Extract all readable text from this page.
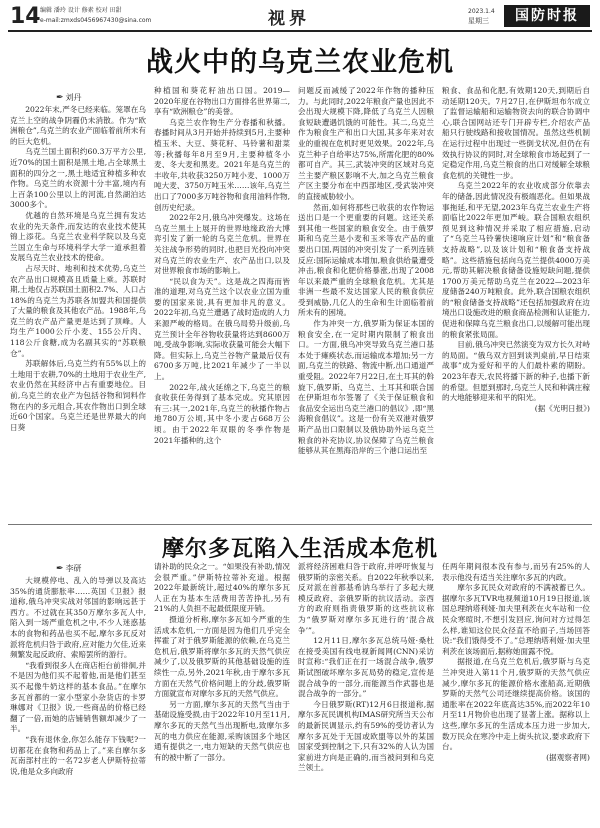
14 编辑 潘玲 设计 修素 校对 田甜
e-mail:zmxds0456967430@sina.com	视界	2023.1.4
星期三	国防时报
战火中的乌克兰农业危机
✒ 刘丹

2022年末,严冬已经来临。笼罩在乌克兰上空的战争阴霾仍未消散。作为“欧洲粮仓”,乌克兰的农业产面临着前所未有的巨大危机。

乌克兰国土面积约60.3万平方公里,近70%的国土面积是黑土地,占全球黑土面积的四分之一,黑土地适宜种植多种农作物。乌克兰的水资源十分丰富,境内有上百条100公里以上的河流,自然湖泊达3000多个。

优越的自然环境是乌克兰拥有发达农业的先天条件,而发达的农业技术使其锦上添花。乌克兰农业科学院以及乌克兰国立生命与环境科学大学一道承担着发展乌克兰农业技术的使命。

占尽天时、地利和技术优势,乌克兰农产品出口规模高且质量上乘。苏联时期,土地仅占苏联国土面积2.7%、人口占18%的乌克兰为苏联各加盟共和国提供了大量的粮食及其他农产品。1988年,乌克兰的农产品产量更是达到了顶峰。人均生产1000公斤小麦、155公斤肉、118公斤食糖,成为名副其实的“苏联粮仓”。

苏联解体后,乌克兰约有55%以上的土地用于农耕,70%的土地用于农业生产,农业仍然在其经济中占有重要地位。目前,乌克兰的农业产为包括谷物和饲料作物在内的多元组合,其农作物出口到全球近60个国家。乌克兰还是世界最大的向日葵

种植国和葵花籽油出口国。2019—2020年度在谷物出口方面排名世界第二,享有“欧洲粮仓”的美誉。

乌克兰农作物生产分春播和秋播。春播时间从3月开始并持续到5月,主要种植玉米、大豆、葵花籽、马铃薯和甜菜等;秋播每年8月至9月,主要种植冬小麦、冬大麦和黑麦。2021年是乌克兰的丰收年,共收获3250万吨小麦、1000万吨大麦、3750万吨玉米……该年,乌克兰出口了7000多万吨谷物和食用油料作物,创历史纪录。

2022年2月,俄乌冲突爆发。这场在乌克兰黑土上展开的世界地缘政治大博弈引发了新一轮的乌克兰危机。世界在关注战争形势的同时,也把目光投向冲突对乌克兰的农业生产、农产品出口,以及对世界粮食市场的影响上。

“民以食为天”。这是战之四海而皆准的道理,对乌克兰这个以农业立国为重要的国家来说,具有更加非凡的意义。2022年初,乌克兰遭遇了战时造成的人力来源严峻的格局。在俄乌局势升级前,乌克兰预计全年谷物收获量将达到8600万吨,受战争影响,实际收获量可能会大幅下降。但实际上,乌克兰谷物产量最后仅有6700多万吨,比2021年减少了一半以上。

2022年,战火延绵之下,乌克兰的粮食收获任务得到了基本完成。究其原因有三:其一,2021年,乌克兰的秋播作物占地780万公顷,其中冬小麦占668万公顷。由于2022年双眼的冬季作物是2021年播种的,这个

问题反而减缓了2022年作物的播种压力。与此同时,2022年粮食产量也因此不会出现大规模下降,降低了乌克兰人因粮食短缺遭遇饥饿的可能性。其二,乌克兰作为粮食生产和出口大国,其多年来对农业的重视在危机时更见效果。2022年,乌克兰种子自给率达75%,所需化肥的80%都可自产。其三,武装冲突的区域对乌克兰主要产粮区影响不大,加之乌克兰粮食产区主要分布在中西部地区,受武装冲突的直接威胁较小。

然而,如何将那些已收获的农作物运送出口是一个更重要的问题。这还关系到其他一些国家的粮食安全。由于俄罗斯和乌克兰是小麦和玉米等农产品的重要出口国,两国的冲突引发了一系列连锁反应:国际运输成本增加,粮食供给量遭受冲击,粮食和化肥价格暴涨,出现了2008年以来最严重的全球粮食危机。尤其是非洲一些最不发达国家人民的粮食供应受到威胁,几亿人的生命和生计面临着前所未有的困境。

作为冲突一方,俄罗斯为保证本国的粮食安全,在一定时期内限制了粮食出口。一方面,俄乌冲突导致乌克兰港口基本处于瘫痪状态,而运输成本增加;另一方面,乌克兰的铁路、物流中断,出口通道严重受阻。2022年7月22日,在土耳其的斡旋下,俄罗斯、乌克兰、土耳其和联合国在伊斯坦布尔签署了《关于保证粮食和食品安全运出乌克兰港口的倡议》,即“黑海粮食倡议”。这是一份有关双港对俄罗斯产品出口限制以及俄协助外运乌克兰粮食的补充协议,协议保障了乌克兰粮食能够从其在黑海沿岸的三个港口运出至

粮食、食品和化肥,有效期120天,到期后自动延期120天。7月27日,在伊斯坦布尔成立了监督运输船和运输物资去向的联合协调中心,联合国网站还专门开辟专栏,介绍农产品船只行驶线路和接收国情况。虽然这些机制在运行过程中出现过一些倒戈状况,但仍在有效执行协议的同时,对全球粮食市场起到了一定稳定作用,乌克兰粮食的出口对缓解全球粮食危机的关键性一步。

乌克兰2022年的农业收成部分依靠去年的储备,因此情况没有极端恶化。但如果战事拖延,和平无望,2023年乌克兰农业生产将面临比2022年更加严峻。联合国粮农组织预见到这种情况并采取了相应措施,启动了“乌克兰马铃薯快速响应计划”和“粮食备支持战略”,以及该计划和“粮食备支持战略”。这些措施包括向乌克兰提供4000万美元,帮助其解决粮食储备设施短缺问题,提供1700万美元帮助乌克兰在2022—2023年度储备240万吨粮食。此外,联合国粮农组织的“粮食储备支持战略”还包括加强政府在边境出口设施改进的粮食商品检测和认证能力,促进和保障乌克兰粮食出口,以缓解可能出现的粮食紧张局面。

目前,俄乌冲突已然演变为双方长久对峙的局面。“俄乌双方回到谈判桌前,早日结束战事”成为爱好和平的人们最朴素的期盼。2023年春天,农民将播下新的种子,也播下新的希望。但愿到那时,乌克兰人民和种满庄稼的大地能够迎来和平的阳光。

(据《光明日报》)

摩尔多瓦陷入生活成本危机
✒ 李研

大规模停电、乱入的导弹以及高达35%的通货膨胀率……英国《卫报》报道称,俄乌冲突实战对邻国的影响远甚于西方。不过就在其350万摩尔多瓦人中,陷入到一场严重危机之中,不少人迷惑基本的食物和药品也买不起,摩尔多瓦反对派将危机归咎于政府,应对能力欠佳,近来频繁发起反政府、索赔罢所的游行。

“我看到很多人在商店柜台前徘徊,并不是因为他们买不起着他,而是他们甚至买不起像牛奶这样的基本食品。”在摩尔多瓦首都的一家小型家小杂货店的卡罗琳娜对《卫报》说,一些商品的价格已经翻了一倍,而她的店铺销售额却减少了一半。

“我有退休金,你怎么能存下钱呢?一切都花在食物和药品上了。”来自摩尔多瓦南部村庄的一名72岁老人伊斯特拉蒂说,他是众多向政府

请补助的民众之一。“如果没有补助,情况会很严重。”伊斯特拉蒂补充道。根据2022年最新统计,超过40%的摩尔多瓦人正在为基本生活费用苦苦挣扎,另有21%的人负担不起最低限度开销。

摄道分析称,摩尔多瓦如今严重的生活成本危机,一方面是因为他们几乎完全挥霍了对于俄罗斯能源的依赖,在乌克兰危机后,俄罗斯将摩尔多瓦的天然气供应减少了,以及俄罗斯的其他基础设施的连续性一点,另外,2021年秋,由于摩尔多瓦方面在天然气价格问题上的分歧,俄罗斯方面就宣布对摩尔多瓦的天然气供应。

另一方面,摩尔多瓦的天然气当由于基础设施受损,由于2022年10月至11月,摩尔多瓦的天然气当出现断电,致摩尔多瓦的电力供应在能源,采购该国多个地区通有提供之一,电力短缺的天然气供应也有的被中断了一部分。

派将经济困难归咎于政府,并呼吁恢复与俄罗斯的亲密关系。自2022年秋季以来,反对派在首都基希讷乌举行了多起大规模反政府、亲俄罗斯的抗议活动。亲西方的政府则指责俄罗斯的这些抗议称为“俄罗斯对摩尔多瓦进行的‘混合战争’”。

12月11日,摩尔多瓦总统马娅·桑杜在接受美国有线电视新闻网(CNN)采访时宣称:“我们正在打一场混合战争,俄罗斯试图破坏摩尔多瓦局势的稳定,宣传是混合战争的一部分,而能源当作武器也是混合战争的一部分。”

今日俄罗斯(RT)12月6日报道称,据摩尔多瓦民调机构IMAS研究所当天公布的最新民调显示,约有59%的受访者认为摩尔多瓦处于无国或欧盟等以外的某国国家受到控制之下,只有32%的人认为国家前进方向是正确的,而当被问到和乌克兰领土。

任两年期间很本没有参与,而另有25%的人表示他没有适当关注摩尔多瓦的内政。

摩尔多瓦民众对政府的不满被蓄已久。据摩尔多瓦TVR电视频道10月19日报道,该国总理纳塔利娅·加夫里利茨在火车站和一位民众寒暄时,不想引发回应,询问对方过得怎么样,谁知这位民众径直不给面子,当场回答说:“我们饿得受不了。”总理纳塔利娅·加夫里利茨在该场面后,据称她面露不悦。

据报道,在乌克兰危机后,俄罗斯与乌克兰冲突进入第11个月,俄罗斯的天然气供应减少,摩尔多瓦的能源价格水涨船高,近期俄罗斯的天然气公司还继续提高价格。该国的通胀率在2022年底高达35%,而2022年10月至11月物价也出现了显著上涨。据称以上这些,摩尔多瓦的生活成本压力进一步加大,数万民众在寒冷中走上街头抗议,要求政府下台。

(据观察者网)
